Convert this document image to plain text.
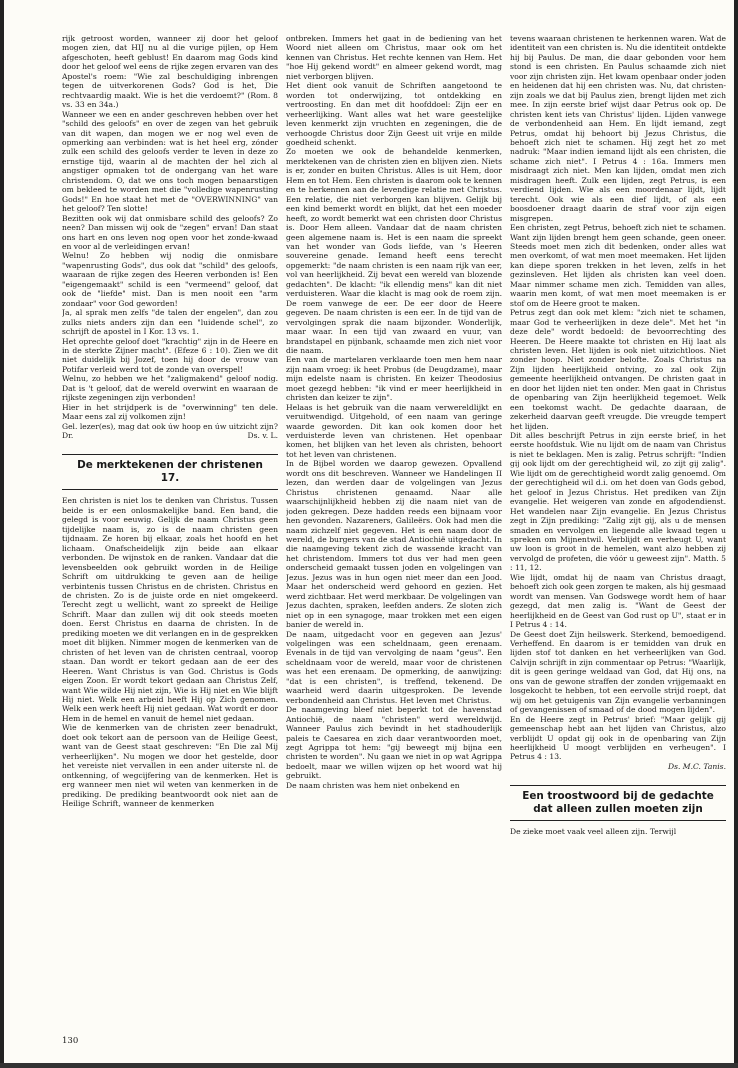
rijk getroost worden, wanneer zij door het geloof mogen zien, dat HIJ nu al die vurige pijlen, op Hem afgeschoten, heeft geblust! En daarom mag Gods kind door het geloof wel eens de rijke zegen ervaren van des Apostel's roem: "Wie zal beschuldiging inbrengen tegen de uitverkorenen Gods? God is het, Die rechtvaardig maakt. Wie is het die verdoemt?" (Rom. 8 vs. 33 en 34a.)

Wanneer we een en ander geschreven hebben over het "schild des geloofs" en over de zegen van het gebruik van dit wapen, dan mogen we er nog wel even de opmerking aan verbinden: wat is het heel erg, zónder zulk een schild des geloofs verder te leven in deze zo ernstige tijd, waarin al de machten der hel zich al angstiger opmaken tot de ondergang van het ware christendom. O, dat we ons toch mogen benaarstigen om bekleed te worden met die "volledige wapenrusting Gods!" En hoe staat het met de "OVERWINNING" van het geloof? Ten slotte!

Bezitten ook wij dat onmisbare schild des geloofs? Zo neen? Dan missen wij ook de "zegen" ervan! Dan staat ons hart en ons leven nog open voor het zonde-kwaad en voor al de verleidingen ervan!

Welnu! Zo hebben wij nodig die onmisbare "wapenrusting Gods", dus ook dat "schild" des geloofs, waaraan de rijke zegen des Heeren verbonden is! Een "eigengemaakt" schild is een "vermeend" geloof, dat ook de "liefde" mist. Dan is men nooit een "arm zondaar" voor God geworden!

Ja, al sprak men zelfs "de talen der engelen", dan zou zulks niets anders zijn dan een "luidende schel", zo schrijft de apostel in I Kor. 13 vs. 1.

Het oprechte geloof doet "krachtig" zijn in de Heere en in de sterkte Zijner macht". (Efeze 6 : 10). Zien we dit niet duidelijk bij Jozef, toen hij door de vrouw van Potifar verleid werd tot de zonde van overspel!

Welnu, zo hebben we het "zaligmakend" geloof nodig. Dat is 't geloof, dat de wereld overwint en waaraan de rijkste zegeningen zijn verbonden!

Hier in het strijdperk is de "overwinning" ten dele. Maar eens zal zij volkomen zijn!

Gel. lezer(es), mag dat ook úw hoop en úw uitzicht zijn?

Dr.	Ds. v. L.
De merktekenen der christenen 17.

Een christen is niet los te denken van Christus. Tussen beide is er een onlosmakelijke band. Een band, die gelegd is voor eeuwig. Gelijk de naam Christus geen tijdelijke naam is, zo is de naam christen geen tijdnaam. Ze horen bij elkaar, zoals het hoofd en het lichaam. Onafscheidelijk zijn beide aan elkaar verbonden. De wijnstok en de ranken. Vandaar dat die levensbeelden ook gebruikt worden in de Heilige Schrift om uitdrukking te geven aan de heilige verbintenis tussen Christus en de christen. Christus en de christen. Zo is de juiste orde en niet omgekeerd. Terecht zegt u wellicht, want zo spreekt de Heilige Schrift. Maar dan zullen wij dit ook steeds moeten doen. Eerst Christus en daarna de christen. In de prediking moeten we dit verlangen en in de gesprekken moet dit blijken. Nimmer mogen de kenmerken van de christen of het leven van de christen centraal, voorop staan. Dan wordt er tekort gedaan aan de eer des Heeren. Want Christus is van God. Christus is Gods eigen Zoon. Er wordt tekort gedaan aan Christus Zelf, want Wie wilde Hij niet zijn, Wie is Hij niet en Wie blijft Hij niet. Welk een arbeid heeft Hij op Zich genomen. Welk een werk heeft Hij niet gedaan. Wat wordt er door Hem in de hemel en vanuit de hemel niet gedaan.

Wie de kenmerken van de christen zeer benadrukt, doet ook tekort aan de persoon van de Heilige Geest, want van de Geest staat geschreven: "En Die zal Mij verheerlijken". Nu mogen we door het gestelde, door het vereiste niet vervallen in een ander uiterste nl. de ontkenning, of wegcijfering van de kenmerken. Het is erg wanneer men niet wil weten van kenmerken in de prediking. De prediking beantwoordt ook niet aan de Heilige Schrift, wanneer de kenmerken

ontbreken. Immers het gaat in de bediening van het Woord niet alleen om Christus, maar ook om het kennen van Christus. Het rechte kennen van Hem. Het "hoe Hij gekend wordt" en almeer gekend wordt, mag niet verborgen blijven.

Het dient ook vanuit de Schriften aangetoond te worden tot onderwijzing, tot ontdekking en vertroosting. En dan met dit hoofddoel: Zijn eer en verheerlijking. Want alles wat het ware geestelijke leven kenmerkt zijn vruchten en zegeningen, die de verhoogde Christus door Zijn Geest uit vrije en milde goedheid schenkt.

Zo moeten we ook de behandelde kenmerken, merktekenen van de christen zien en blijven zien. Niets is er, zonder en buiten Christus. Alles is uit Hem, door Hem en tot Hem. Een christen is daarom ook te kennen en te herkennen aan de levendige relatie met Christus. Een relatie, die niet verborgen kan blijven. Gelijk bij een kind bemerkt wordt en blijkt, dat het een moeder heeft, zo wordt bemerkt wat een christen door Christus is. Door Hem alleen. Vandaar dat de naam christen geen algemene naam is. Het is een naam die spreekt van het wonder van Gods liefde, van 's Heeren souvereine genade. Iemand heeft eens terecht opgemerkt: "de naam christen is een naam rijk van eer, vol van heerlijkheid. Zij bevat een wereld van blozende gedachten". De klacht: "ik ellendig mens" kan dit niet verduisteren. Waar die klacht is mag ook de roem zijn. De roem vanwege de eer. De eer door de Heere gegeven. De naam christen is een eer. In de tijd van de vervolgingen sprak die naam bijzonder. Wonderlijk, maar waar. In een tijd van zwaard en vuur, van brandstapel en pijnbank, schaamde men zich niet voor die naam.

Een van de martelaren verklaarde toen men hem naar zijn naam vroeg: ik heet Probus (de Deugdzame), maar mijn edelste naam is christen. En keizer Theodosius moet gezegd hebben: "ik vind er meer heerlijkheid in christen dan keizer te zijn".

Helaas is het gebruik van die naam verwereldlijkt en veruitwendigd. Uitgehold, of een naam van geringe waarde geworden. Dit kan ook komen door het verduisterde leven van christenen. Het openbaar komen, het blijken van het leven als christen, behoort tot het leven van christenen.

In de Bijbel worden we daarop gewezen. Opvallend wordt ons dit beschreven. Wanneer we Handelingen II lezen, dan werden daar de volgelingen van Jezus Christus christenen genaamd. Naar alle waarschijnlijkheid hebben zij die naam niet van de joden gekregen. Deze hadden reeds een bijnaam voor hen gevonden. Nazareners, Galileërs. Ook had men die naam zichzelf niet gegeven. Het is een naam door de wereld, de burgers van de stad Antiochië uitgedacht. In die naamgeving tekent zich de wassende kracht van het christendom. Immers tot dus ver had men geen onderscheid gemaakt tussen joden en volgelingen van Jezus. Jezus was in hun ogen niet meer dan een Jood. Maar het onderscheid werd gehoord en gezien. Het werd zichtbaar. Het werd merkbaar. De volgelingen van Jezus dachten, spraken, leefden anders. Ze sloten zich niet op in een synagoge, maar trokken met een eigen banier de wereld in.

De naam, uitgedacht voor en gegeven aan Jezus' volgelingen was een scheldnaam, geen erenaam. Evenals in de tijd van vervolging de naam "geus". Een scheldnaam voor de wereld, maar voor de christenen was het een erenaam. De opmerking, de aanwijzing: "dat is een christen", is treffend, tekenend. De waarheid werd daarin uitgesproken. De levende verbondenheid aan Christus. Het leven met Christus.

De naamgeving bleef niet beperkt tot de havenstad Antiochië, de naam "christen" werd wereldwijd. Wanneer Paulus zich bevindt in het stadhouderlijk paleis te Caesarea en zich daar verantwoorden moet, zegt Agrippa tot hem: "gij beweegt mij bijna een christen te worden". Nu gaan we niet in op wat Agrippa bedoelt, maar we willen wijzen op het woord wat hij gebruikt.

De naam christen was hem niet onbekend en

tevens waaraan christenen te herkennen waren. Wat de identiteit van een christen is. Nu die identiteit ontdekte hij bij Paulus. De man, die daar gebonden voor hem stond is een christen. En Paulus schaamde zich niet voor zijn christen zijn. Het kwam openbaar onder joden en heidenen dat hij een christen was. Nu, dat christen-zijn zoals we dat bij Paulus zien, brengt lijden met zich mee. In zijn eerste brief wijst daar Petrus ook op. De christen kent iets van Christus' lijden. Lijden vanwege de verbondenheid aan Hem. En lijdt iemand, zegt Petrus, omdat hij behoort bij Jezus Christus, die behoeft zich niet te schamen. Hij zegt het zo met nadruk: "Maar indien iemand lijdt als een christen, die schame zich niet". I Petrus 4 : 16a. Immers men misdraagt zich niet. Men kan lijden, omdat men zich misdragen heeft. Zulk een lijden, zegt Petrus, is een verdiend lijden. Wie als een moordenaar lijdt, lijdt terecht. Ook wie als een dief lijdt, of als een boosdoener draagt daarin de straf voor zijn eigen misgrepen.

Een christen, zegt Petrus, behoeft zich niet te schamen. Want zijn lijden brengt hem geen schande, geen oneer. Steeds moet men zich dit bedenken, onder alles wat men overkomt, of wat men moet meemaken. Het lijden kan diepe sporen trekken in het leven, zelfs in het gezinsleven. Het lijden als christen kan veel doen. Maar nimmer schame men zich. Temidden van alles, waarin men komt, of wat men moet meemaken is er stof om de Heere groot te maken.

Petrus zegt dan ook met klem: "zich niet te schamen, maar God te verheerlijken in deze dele". Met het "in deze dele" wordt bedoeld: de bevoorrechting des Heeren. De Heere maakte tot christen en Hij laat als christen leven. Het lijden is ook niet uitzichtloos. Niet zonder hoop. Niet zonder belofte. Zoals Christus na Zijn lijden heerlijkheid ontving, zo zal ook Zijn gemeente heerlijkheid ontvangen. De christen gaat in en door het lijden niet ten onder. Men gaat in Christus de openbaring van Zijn heerlijkheid tegemoet. Welk een toekomst wacht. De gedachte daaraan, de zekerheid daarvan geeft vreugde. Die vreugde tempert het lijden.

Dit alles beschrijft Petrus in zijn eerste brief, in het eerste hoofdstuk. Wie nu lijdt om de naam van Christus is niet te beklagen. Men is zalig. Petrus schrijft: "Indien gij ook lijdt om der gerechtigheid wil, zo zijt gij zalig". Wie lijdt om de gerechtigheid wordt zalig genoemd. Om der gerechtigheid wil d.i. om het doen van Gods gebod, het geloof in Jezus Christus. Het prediken van Zijn evangelie. Het weigeren van zonde en afgodendienst. Het wandelen naar Zijn evangelie. En Jezus Christus zegt in Zijn prediking: "Zalig zijt gij, als u de mensen smaden en vervolgen en liegende alle kwaad tegen u spreken om Mijnentwil. Verblijdt en verheugt U, want uw loon is groot in de hemelen, want alzo hebben zij vervolgd de profeten, die vóór u geweest zijn". Matth. 5 : 11, 12.

Wie lijdt, omdat hij de naam van Christus draagt, behoeft zich ook geen zorgen te maken, als hij gesmaad wordt van mensen. Van Godswege wordt hem of haar gezegd, dat men zalig is. "Want de Geest der heerlijkheid en de Geest van God rust op U", staat er in I Petrus 4 : 14.

De Geest doet Zijn heilswerk. Sterkend, bemoedigend. Verheffend. En daarom is er temidden van druk en lijden stof tot danken en het verheerlijken van God. Calvijn schrijft in zijn commentaar op Petrus: "Waarlijk, dit is geen geringe weldaad van God, dat Hij ons, na ons van de gewone straffen der zonden vrijgemaakt en losgekocht te hebben, tot een eervolle strijd roept, dat wij om het getuigenis van Zijn evangelie verbanningen of gevangenissen of smaad of de dood mogen lijden".

En de Heere zegt in Petrus' brief: "Maar gelijk gij gemeenschap hebt aan het lijden van Christus, alzo verblijdt U opdat gij ook in de openbaring van Zijn heerlijkheid U moogt verblijden en verheugen". I Petrus 4 : 13.

Ds. M.C. Tanis.

Een troostwoord bij de gedachte dat alleen zullen moeten zijn

De zieke moet vaak veel alleen zijn. Terwijl

130
